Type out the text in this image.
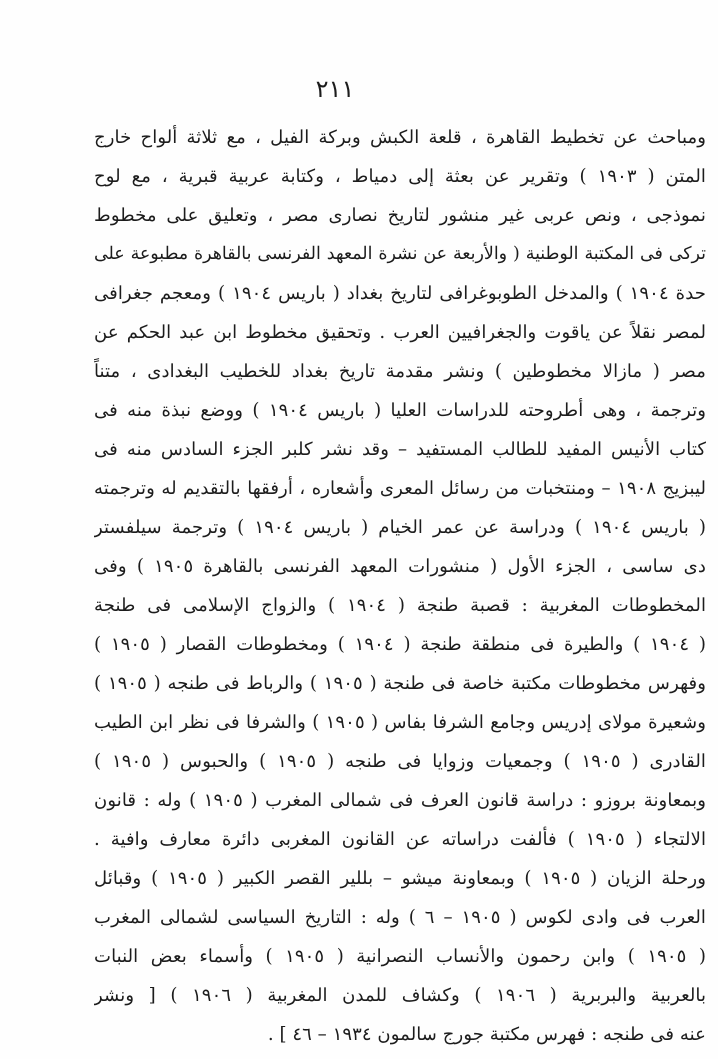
٢١١
ومباحث عن تخطيط القاهرة ، قلعة الكبش وبركة الفيل ، مع ثلاثة ألواح خارج
المتن ( ١٩٠٣ ) وتقرير عن بعثة إلى دمياط ، وكتابة عربية قبرية ، مع لوح
نموذجى ، ونص عربى غير منشور لتاريخ نصارى مصر ، وتعليق على مخطوط
تركى فى المكتبة الوطنية ( والأربعة عن نشرة المعهد الفرنسى بالقاهرة مطبوعة على
حدة ١٩٠٤ ) والمدخل الطوبوغرافى لتاريخ بغداد ( باريس ١٩٠٤ ) ومعجم جغرافى
لمصر نقلاً عن ياقوت والجغرافيين العرب . وتحقيق مخطوط ابن عبد الحكم عن
مصر ( مازالا مخطوطين ) ونشر مقدمة تاريخ بغداد للخطيب البغدادى ، متناً
وترجمة ، وهى أطروحته للدراسات العليا ( باريس ١٩٠٤ ) ووضع نبذة منه فى
كتاب الأنيس المفيد للطالب المستفيد – وقد نشر كلبر الجزء السادس منه فى
ليبزيج ١٩٠٨ – ومنتخبات من رسائل المعرى وأشعاره ، أرفقها بالتقديم له وترجمته
( باريس ١٩٠٤ ) ودراسة عن عمر الخيام ( باريس ١٩٠٤ ) وترجمة سيلفستر
دى ساسى ، الجزء الأول ( منشورات المعهد الفرنسى بالقاهرة ١٩٠٥ ) وفى
المخطوطات المغربية : قصبة طنجة ( ١٩٠٤ ) والزواج الإسلامى فى طنجة
( ١٩٠٤ ) والطيرة فى منطقة طنجة ( ١٩٠٤ ) ومخطوطات القصار ( ١٩٠٥ )
وفهرس مخطوطات مكتبة خاصة فى طنجة ( ١٩٠٥ ) والرباط فى طنجه ( ١٩٠٥ )
وشعيرة مولاى إدريس وجامع الشرفا بفاس ( ١٩٠٥ ) والشرفا فى نظر ابن الطيب
القادرى ( ١٩٠٥ ) وجمعيات وزوايا فى طنجه ( ١٩٠٥ ) والحبوس ( ١٩٠٥ )
وبمعاونة بروزو : دراسة قانون العرف فى شمالى المغرب ( ١٩٠٥ ) وله : قانون
الالتجاء ( ١٩٠٥ ) فألفت دراساته عن القانون المغربى دائرة معارف وافية .
ورحلة الزيان ( ١٩٠٥ ) وبمعاونة ميشو – بللير القصر الكبير ( ١٩٠٥ ) وقبائل
العرب فى وادى لكوس ( ١٩٠٥ – ٦ ) وله : التاريخ السياسى لشمالى المغرب
( ١٩٠٥ ) وابن رحمون والأنساب النصرانية ( ١٩٠٥ ) وأسماء بعض النبات
بالعربية والبربرية ( ١٩٠٦ ) وكشاف للمدن المغربية ( ١٩٠٦ ) [ ونشر
عنه فى طنجه : فهرس مكتبة جورج سالمون ١٩٣٤ – ٤٦ ] .
